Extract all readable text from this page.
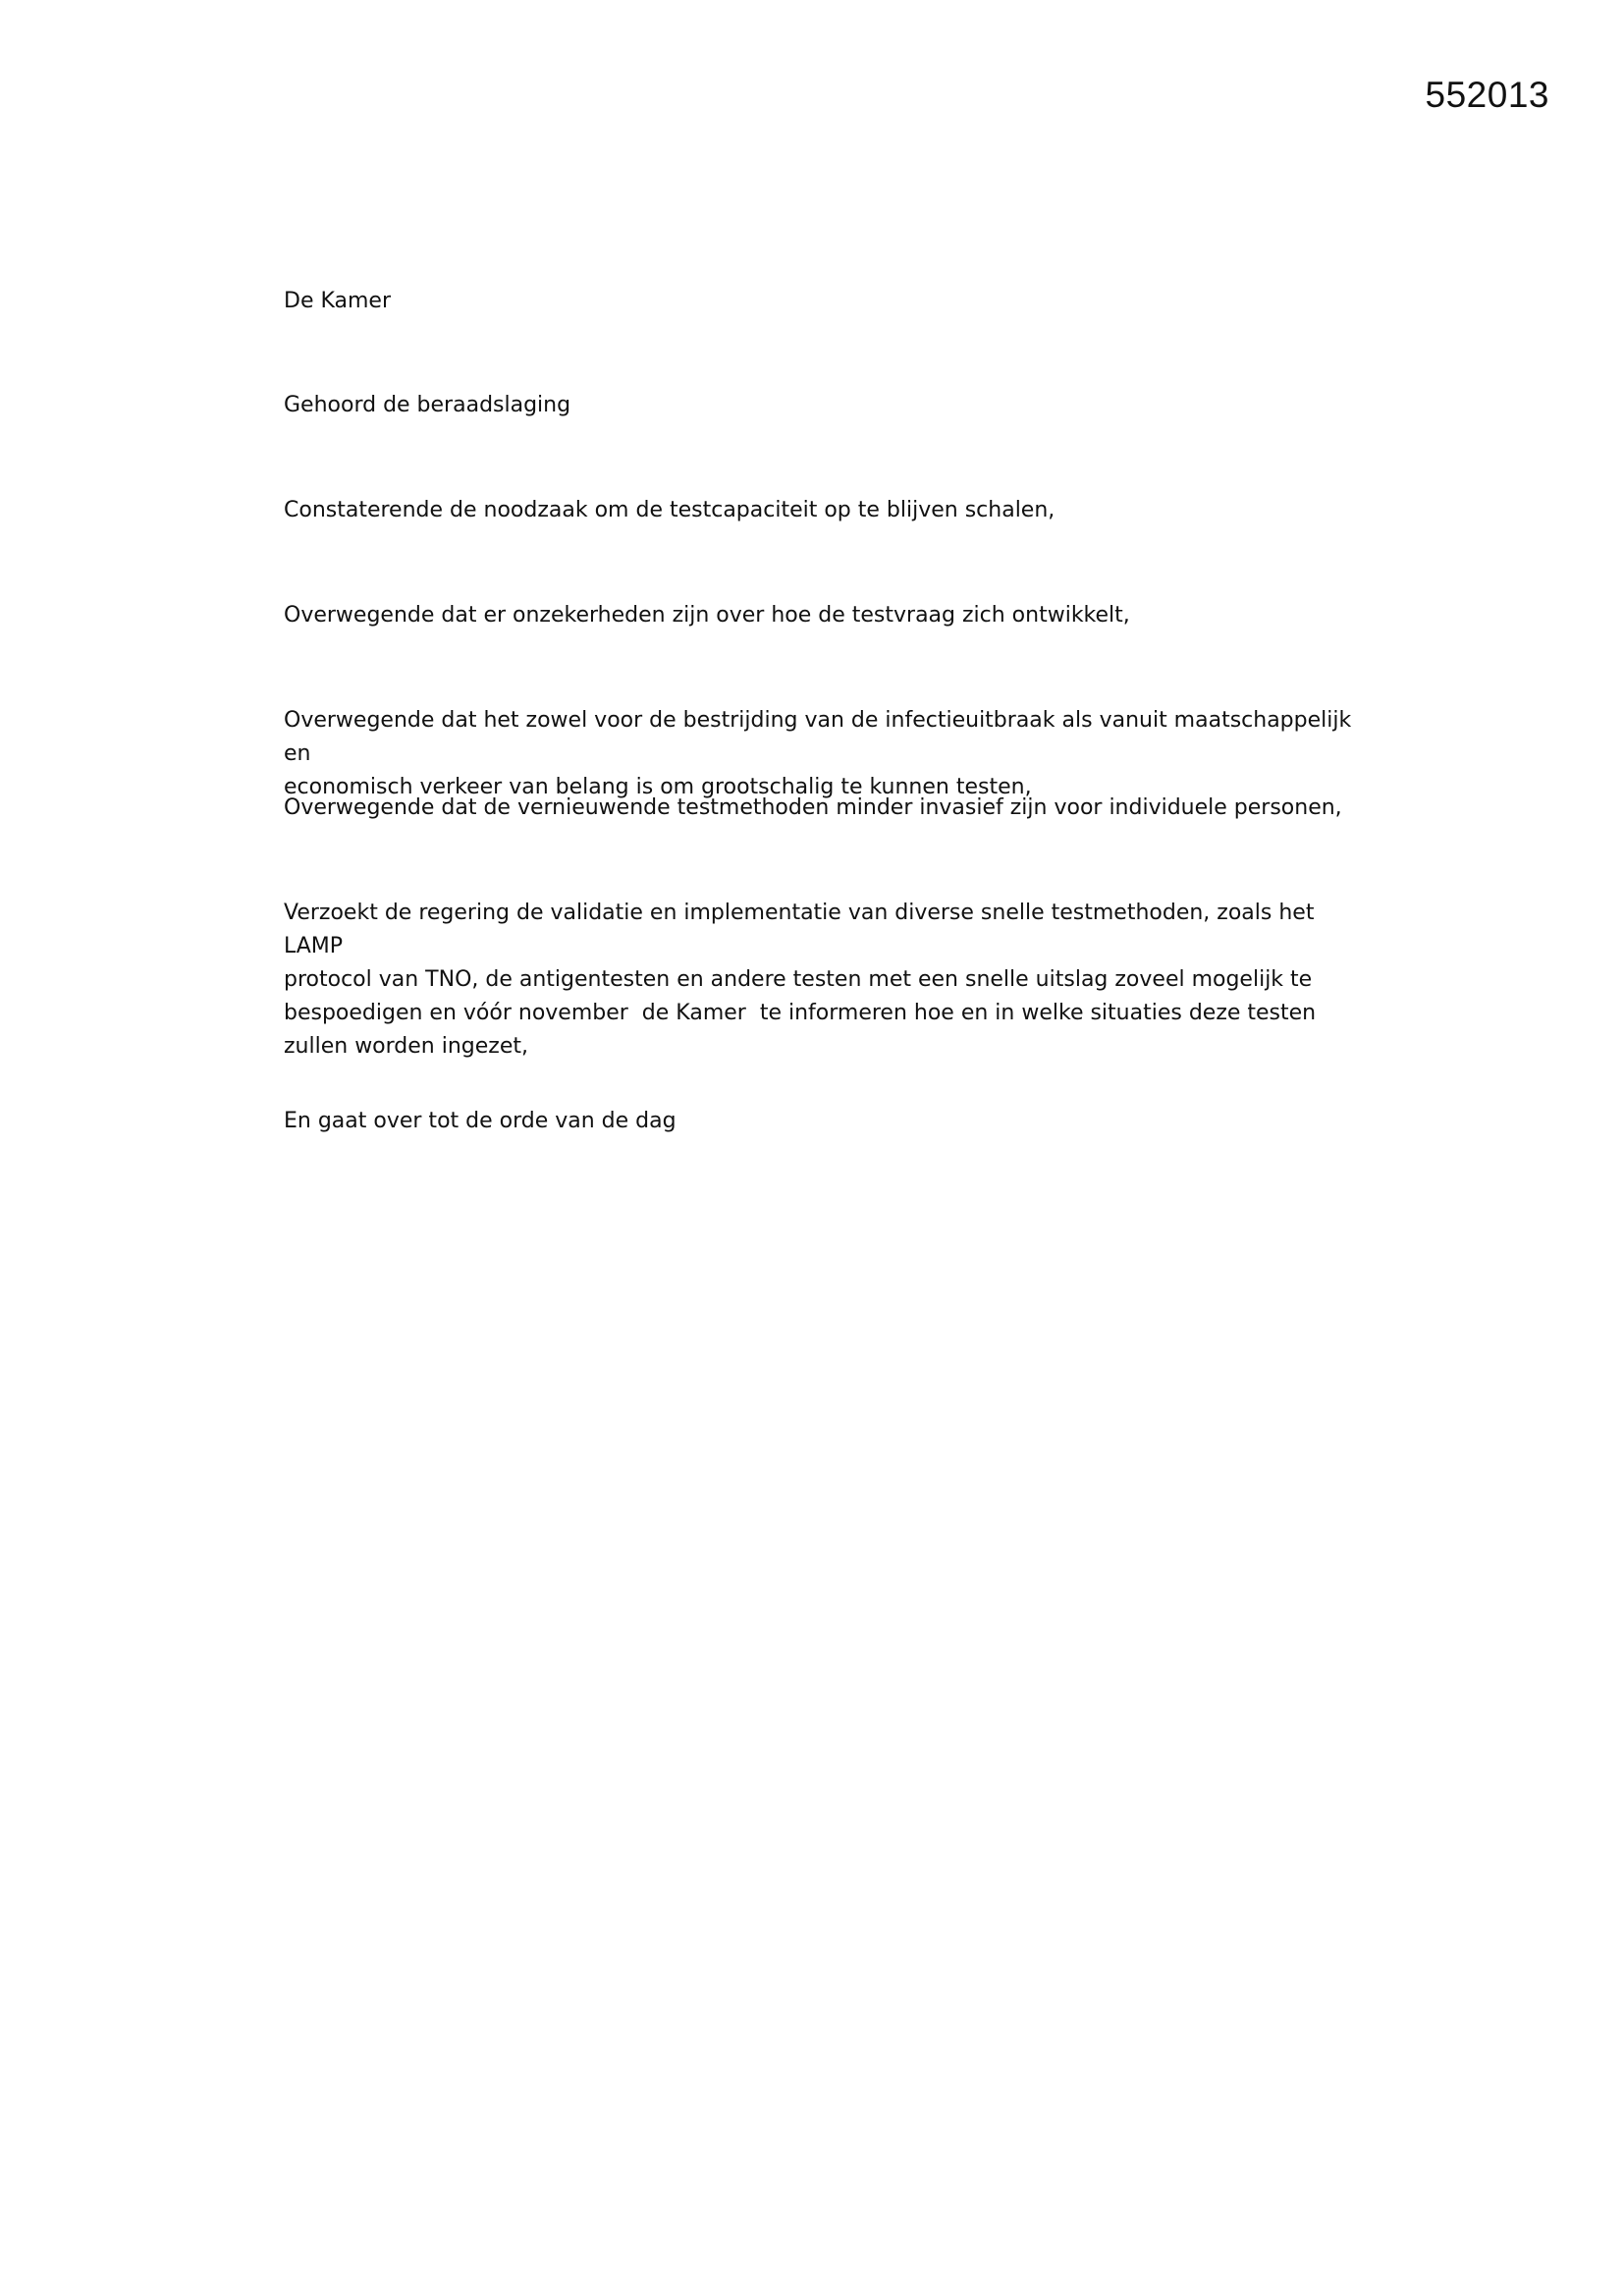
552013

De Kamer

Gehoord de beraadslaging

Constaterende de noodzaak om de testcapaciteit op te blijven schalen,

Overwegende dat er onzekerheden zijn over hoe de testvraag zich ontwikkelt,

Overwegende dat het zowel voor de bestrijding van de infectieuitbraak als vanuit maatschappelijk en
economisch verkeer van belang is om grootschalig te kunnen testen,

Overwegende dat de vernieuwende testmethoden minder invasief zijn voor individuele personen,

Verzoekt de regering de validatie en implementatie van diverse snelle testmethoden, zoals het LAMP
protocol van TNO, de antigentesten en andere testen met een snelle uitslag zoveel mogelijk te
bespoedigen en vóór november  de Kamer  te informeren hoe en in welke situaties deze testen
zullen worden ingezet,

En gaat over tot de orde van de dag
